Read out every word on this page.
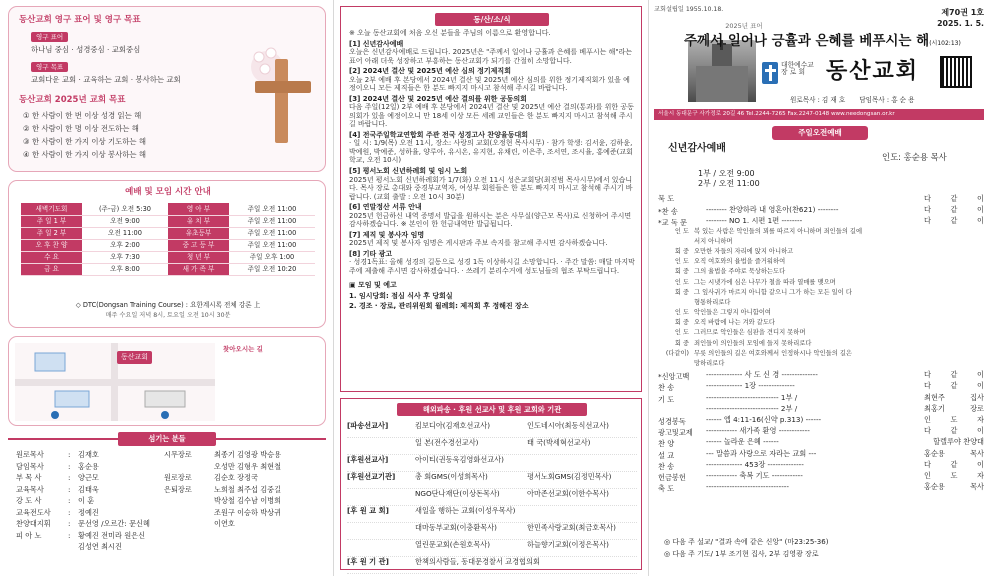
동산교회 영구 표어 및 영구 목표
영구 표어
하나님 중심 · 성경중심 · 교회중심
영구 목표
교회다운 교회 · 교육하는 교회 · 봉사하는 교회
동산교회 2025년 교회 목표
① 한 사람이 한 번 이상 성경 읽는 해
② 한 사람이 한 명 이상 전도하는 해
③ 한 사람이 한 가지 이상 기도하는 해
④ 한 사람이 한 가지 이상 봉사하는 해
예배 및 모임 시간 안내
새벽기도회	(주-금) 오전 5:30	영 아 부	주일 오전 11:00
주 일 1 부	오전 9:00	유 치 부	주일 오전 11:00
주 일 2 부	오전 11:00	유초등부	주일 오전 11:00
오 후 찬 양	오후 2:00	중 고 등 부	주일 오전 11:00
수 요	오후 7:30	청 년 부	주일 오후 1:00
금 요	오후 8:00	새 가 족 부	주일 오전 10:20
◇ DTC(Dongsan Training Course) : 요한계시록 전체 강론 上
매주 수요일 저녁 8시, 토요일 오전 10시 30분
동산교회
찾아오시는 길
섬기는 분들
원로목사	: 김재호	시무장로	최종기 김영광 박승용
담임목사	: 홍순용	오성만 김형우 최현철
부 목 사	: 양근모	원로장로	김순호 장정국
교육목사	: 김태욱	은퇴장로	노희철 최주섭 김중길
강 도 사	: 이 훈	박상철 김수남 이병희
교육전도사 : 정예진	조원구 이승하 박상귀
찬양대지휘 : 문선영 /오르간: 문신혜	이연호
피 아 노	: 황예진 전미라 원은신
김성연 최시진
동/산/소/식

※ 오늘 동산교회에 처음 오신 분들을 주님의 이름으로 환영합니다.

[1] 신년감사예배

오늘은 신년감사예배로 드립니다. 2025년은 "주께서 일어나 긍휼과 은혜를 베푸시는 해"라는 표어 아래 더욱 성장하고 부흥하는 동산교회가 되기를 간절히 소망합니다.

[2] 2024년 결산 및 2025년 예산 심의 정기제직회

오늘 2부 예배 후 본당에서 2024년 결산 및 2025년 예산 심의를 위한 정기제직회가 있을 예정이오니 모든 제직들은 한 분도 빠지지 마시고 참석해 주시길 바랍니다.

[3] 2024년 결산 및 2025년 예산 결의를 위한 공동의회

다음 주일(12일) 2부 예배 후 본당에서 2024년 결산 및 2025년 예산 결의(통과)를 위한 공동의회가 있을 예정이오니 만 18세 이상 모든 세례 교인들은 한 분도 빠지지 마시고 참석해 주시길 바랍니다.

[4] 전국주일학교연합회 주관 전국 성경고사 찬양율동대회

· 일 시: 1/9(목) 오전 11시, 장소: 사랑의 교회(오정현 목사시무) · 참가 학생: 김서윤, 김하윤, 박예원, 박예준, 성하율, 양루아, 유시온, 유지현, 유채린, 이은주, 조서연, 조시율, 홍예준(교회학교, 오전 10시)

[5] 평서노회 신년하례회 및 임시 노회

2025년 평서노회 신년하례회가 1/7(화) 오전 11시 성은교회당(최진범 목사시무)에서 있습니다. 목사 장로 총대와 중경부교역자, 여성부 회원들은 한 분도 빠지지 마시고 참석해 주시기 바랍니다. (교회 출발 : 오전 10시 30분)

[6] 연말정산 서류 안내

2025년 헌금하신 내역 증명서 발급을 원하시는 분은 사무실(양근모 목사)로 신청하여 주시면 감사하겠습니다. ※ 본인이 한 헌금내역만 발급됩니다.

[7] 제직 및 봉사자 임명

2025년 제직 및 봉사자 임명은 게시판과 주보 속지를 참고해 주시면 감사하겠습니다.

[8] 기타 광고

· 성경1독표: 올해 성경의 길동으로 성경 1독 이상하시길 소망합니다. · 주간 말씀: 매달 마지막 주에 제출해 주시면 감사하겠습니다. · 쓰레기 분리수거에 성도님들의 협조 부탁드립니다.

▣ 모임 및 예고

1. 임시당회: 점심 식사 후 당회실

2. 경조 · 장로, 관리위원회 월례회: 제직회 후 정해진 장소

해외파송 · 후원 선교사 및 후원 교회와 기관
[파송선교사]	킴보디아(김재호선교사)	인도네시아(최동식선교사)
일 본(전수경선교사)	태 국(박세혁선교사)
[후원선교사]	아이티(권동욱김영화선교사)
[후원선교기관]	총 회GMS(이성희목사)	평서노회GMS(김정민목사)
NGO단나재단(이상돈목사)	아마존선교회(이한수목사)
[후 원 교 회]	새일을 행하는 교회(이성우목사)
대마동부교회(이충환목사)	한민족사랑교회(최금호목사)
열린문교회(손원호목사)	하늘향기교회(이정은목사)
[후 원 기 관]	한책의사람들, 동대문경찰서 교경협의회
교회설립일 1955.10.18.	제70권 1호
2025. 1. 5.
2025년 표어
주께서 일어나 긍휼과 은혜를 베푸시는 해(시102:13)
대한예수교
장 로 회 동산교회
원로목사 : 김 재 호 담임목사 : 홍 순 용
서울시 동대문구 사가정로 20길 46 Tel.2244-7265 Fax.2247-0148 www.needongsan.or.kr
주일오전예배
신년감사예배
인도: 홍순용 목사
1부 / 오전 9:00
2부 / 오전 11:00
묵 도	다 같 이
*찬 송	-------- 찬양하라 내 영혼아(찬621) --------	다 같 이
*교 독 문	-------- NO 1. 시편 1편 --------	다 같 이
인 도 복 있는 사람은 악인들의 꾀를 따르지 아니하며 죄인들의 길에
서지 아니하며
회 중 오만한 자들의 자리에 앉지 아니하고
인 도 오직 여호와의 율법을 즐거워하여
회 중 그의 율법을 주야로 묵상하는도다
인 도 그는 시냇가에 심은 나무가 철을 따라 열매를 맺으며
회 중 그 잎사귀가 마르지 아니함 같으니 그가 하는 모든 일이 다
형통하리로다
인 도 악인들은 그렇지 아니함이여
회 중 오직 바람에 나는 겨와 같도다
인 도 그러므로 악인들은 심판을 견디지 못하며
회 중 죄인들이 의인들의 모임에 들지 못하리로다
(다같이) 무릇 의인들의 길은 여호와께서 인정하시나 악인들의 길은
망하리로다
*신앙고백 -------------- 사 도 신 경 --------------	다 같 이
찬 송	-------------- 1장 --------------	다 같 이
기 도	---------------------------- 1부 /	최현주 집사
---------------------------- 2부 /	최홍기 장로
성경봉독	------ 엡 4:11-16(신약 p.313) ------	인 도 자
광고및교제 ------------ 새가족 환영 ------------	다 같 이
찬 양	------ 놀라운 은혜 ------	할렐루야 찬양대
설 교	--- 말씀과 사랑으로 자라는 교회 ---	홍순용 목사
찬 송	-------------- 453장 --------------	다 같 이
헌금봉헌	------------ 축복 기도 ------------	인 도 자
축 도	--------------------------------	홍순용 목사
◎ 다음 주 설교/ "결과 속에 같은 신앙" (마23:25-36)
◎ 다음 주 기도/ 1부 조기현 집사, 2부 김영광 장로
